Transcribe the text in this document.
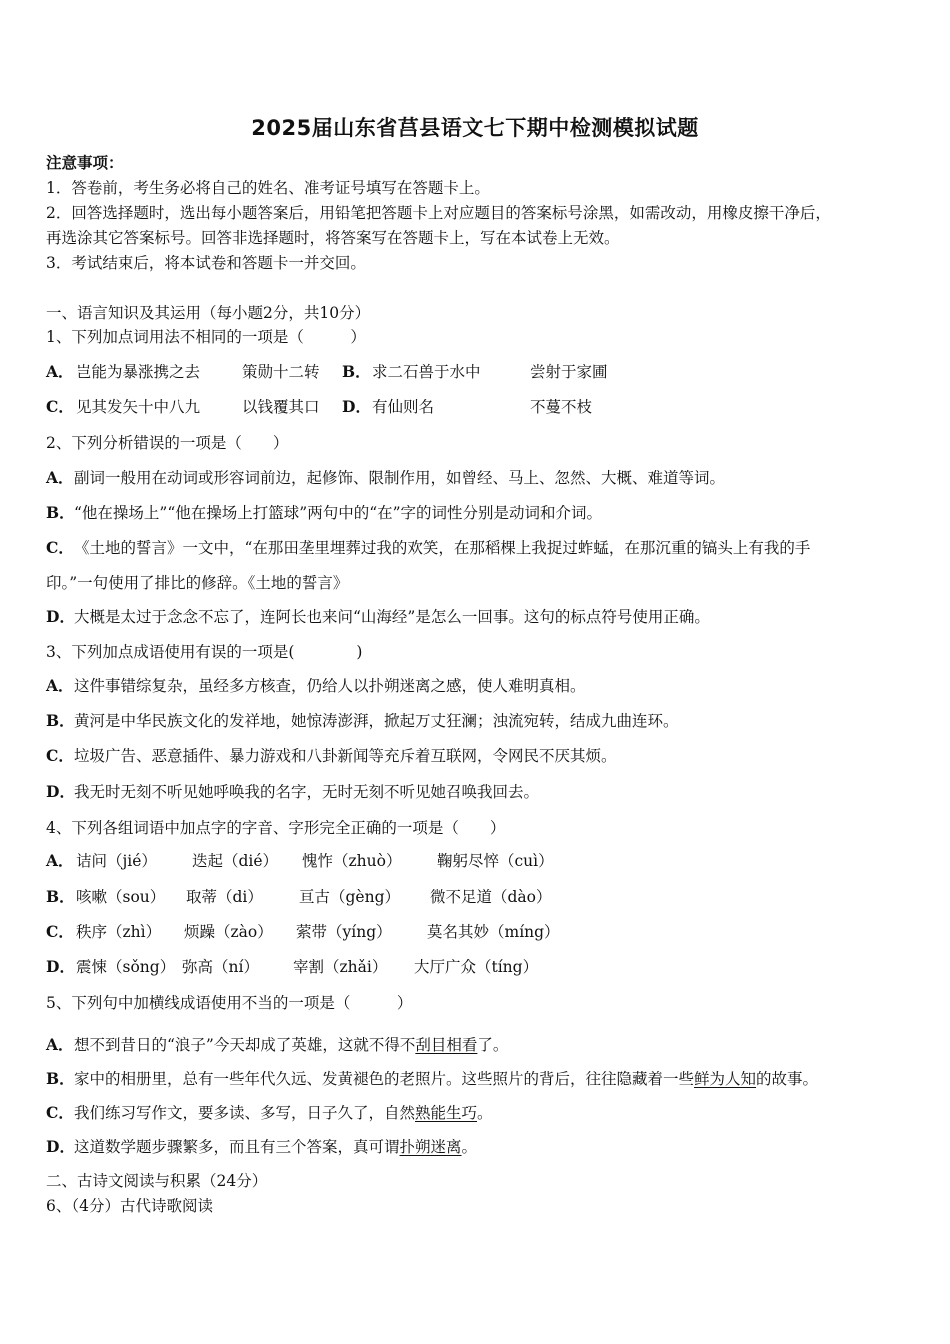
2025届山东省莒县语文七下期中检测模拟试题
注意事项：
1．答卷前，考生务必将自己的姓名、准考证号填写在答题卡上。
2．回答选择题时，选出每小题答案后，用铅笔把答题卡上对应题目的答案标号涂黑，如需改动，用橡皮擦干净后，
再选涂其它答案标号。回答非选择题时，将答案写在答题卡上，写在本试卷上无效。
3．考试结束后，将本试卷和答题卡一并交回。
一、语言知识及其运用（每小题2分，共10分）
1、下列加点词用法不相同的一项是（　　　）
A． 岂能为暴涨携之去	策勋十二转 B． 求二石兽于水中	尝射于家圃
C． 见其发矢十中八九	以钱覆其口 D． 有仙则名	不蔓不枝
2、下列分析错误的一项是（　　）
A．副词一般用在动词或形容词前边，起修饰、限制作用，如曾经、马上、忽然、大概、难道等词。
B．“他在操场上”“他在操场上打篮球”两句中的“在”字的词性分别是动词和介词。
C．《土地的誓言》一文中，“在那田垄里埋葬过我的欢笑，在那稻棵上我捉过蚱蜢，在那沉重的镐头上有我的手
印。”一句使用了排比的修辞。《土地的誓言》
D．大概是太过于念念不忘了，连阿长也来问“山海经”是怎么一回事。这句的标点符号使用正确。
3、下列加点成语使用有误的一项是(　　　　)
A．这件事错综复杂，虽经多方核查，仍给人以扑朔迷离之感，使人难明真相。
B．黄河是中华民族文化的发祥地，她惊涛澎湃，掀起万丈狂澜；浊流宛转，结成九曲连环。
C．垃圾广告、恶意插件、暴力游戏和八卦新闻等充斥着互联网，令网民不厌其烦。
D．我无时无刻不听见她呼唤我的名字，无时无刻不听见她召唤我回去。
4、下列各组词语中加点字的字音、字形完全正确的一项是（　　）
A． 诘问（jié） 迭起（dié） 愧怍（zhuò） 鞠躬尽悴（cuì）
B． 咳嗽（sou） 取蒂（di） 亘古（gèng） 微不足道（dào）
C． 秩序（zhì） 烦躁（zào） 萦带（yíng） 莫名其妙（míng）
D． 震悚（sǒng） 弥高（ní） 宰割（zhǎi） 大厅广众（tíng）
5、下列句中加横线成语使用不当的一项是（　　　）
A．想不到昔日的“浪子”今天却成了英雄，这就不得不刮目相看了。
B．家中的相册里，总有一些年代久远、发黄褪色的老照片。这些照片的背后，往往隐藏着一些鲜为人知的故事。
C．我们练习写作文，要多读、多写，日子久了，自然熟能生巧。
D．这道数学题步骤繁多，而且有三个答案，真可谓扑朔迷离。
二、古诗文阅读与积累（24分）
6、（4分）古代诗歌阅读
